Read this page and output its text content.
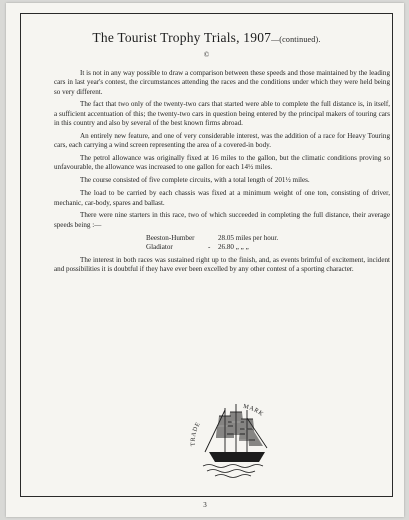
The Tourist Trophy Trials, 1907—(continued).
©

It is not in any way possible to draw a comparison between these speeds and those maintained by the leading cars in last year's contest, the circumstances attending the races and the conditions under which they were held being so very different.

The fact that two only of the twenty-two cars that started were able to complete the full distance is, in itself, a sufficient accentuation of this; the twenty-two cars in question being entered by the principal makers of touring cars in this country and also by several of the best known firms abroad.

An entirely new feature, and one of very considerable interest, was the addition of a race for Heavy Touring cars, each carrying a wind screen representing the area of a covered-in body.

The petrol allowance was originally fixed at 16 miles to the gallon, but the climatic conditions proving so unfavourable, the allowance was increased to one gallon for each 14½ miles.

The course consisted of five complete circuits, with a total length of 201½ miles.

The load to be carried by each chassis was fixed at a minimum weight of one ton, consisting of driver, mechanic, car-body, spares and ballast.

There were nine starters in this race, two of which succeeded in completing the full distance, their average speeds being :—

Beeston-Humber	28.05 miles per hour.
Gladiator	-	26.80 „ „ „

The interest in both races was sustained right up to the finish, and, as events brimful of excitement, incident and possibilities it is doubtful if they have ever been excelled by any other contest of a sporting character.

TRADE
MARK
3
